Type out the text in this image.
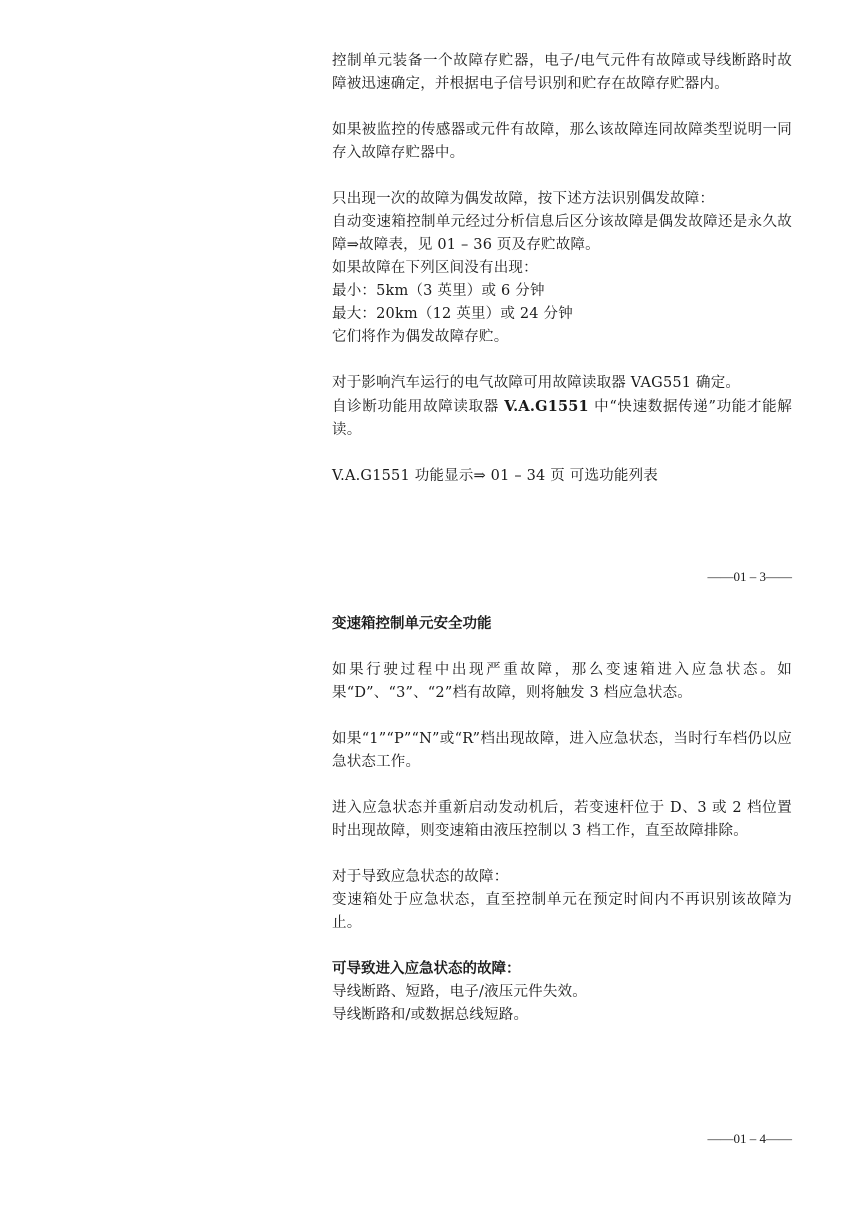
控制单元装备一个故障存贮器，电子/电气元件有故障或导线断路时故障被迅速确定，并根据电子信号识别和贮存在故障存贮器内。

如果被监控的传感器或元件有故障，那么该故障连同故障类型说明一同存入故障存贮器中。

只出现一次的故障为偶发故障，按下述方法识别偶发故障：

自动变速箱控制单元经过分析信息后区分该故障是偶发故障还是永久故障⇒故障表，见 01 – 36 页及存贮故障。

如果故障在下列区间没有出现：

最小：5km（3 英里）或 6 分钟

最大：20km（12 英里）或 24 分钟

它们将作为偶发故障存贮。

对于影响汽车运行的电气故障可用故障读取器 VAG551 确定。

自诊断功能用故障读取器 V.A.G1551 中“快速数据传递”功能才能解读。

V.A.G1551 功能显示⇒ 01 – 34 页 可选功能列表

——01 – 3——

变速箱控制单元安全功能

如果行驶过程中出现严重故障，那么变速箱进入应急状态。如果“D”、“3”、“2”档有故障，则将触发 3 档应急状态。

如果“1”“P”“N”或“R”档出现故障，进入应急状态，当时行车档仍以应急状态工作。

进入应急状态并重新启动发动机后，若变速杆位于 D、3 或 2 档位置时出现故障，则变速箱由液压控制以 3 档工作，直至故障排除。

对于导致应急状态的故障：

变速箱处于应急状态，直至控制单元在预定时间内不再识别该故障为止。

可导致进入应急状态的故障：

导线断路、短路，电子/液压元件失效。

导线断路和/或数据总线短路。

——01 – 4——
